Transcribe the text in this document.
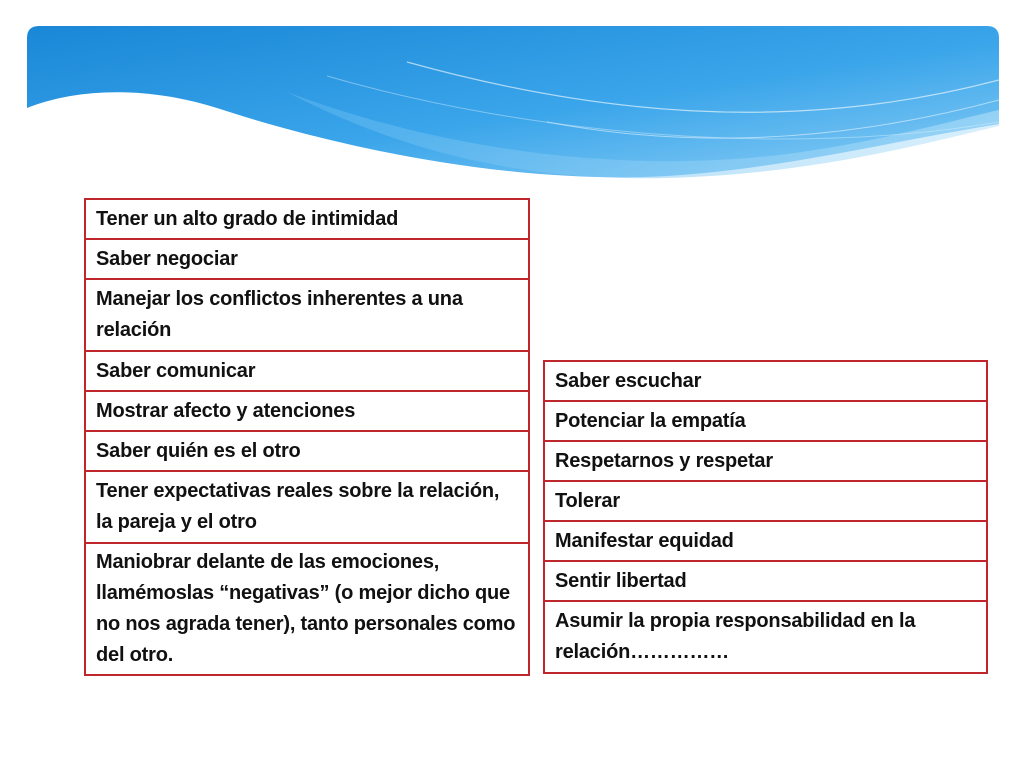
Tener un alto grado de intimidad
Saber negociar
Manejar los conflictos inherentes a una relación
Saber comunicar
Mostrar afecto y atenciones
Saber quién es el otro
Tener expectativas reales sobre la relación, la pareja y el otro
Maniobrar delante de las emociones, llamémoslas “negativas” (o mejor dicho que no nos agrada tener), tanto personales como del otro.
Saber escuchar
Potenciar la empatía
Respetarnos y respetar
Tolerar
Manifestar equidad
Sentir libertad
Asumir la propia responsabilidad en la relación……………
